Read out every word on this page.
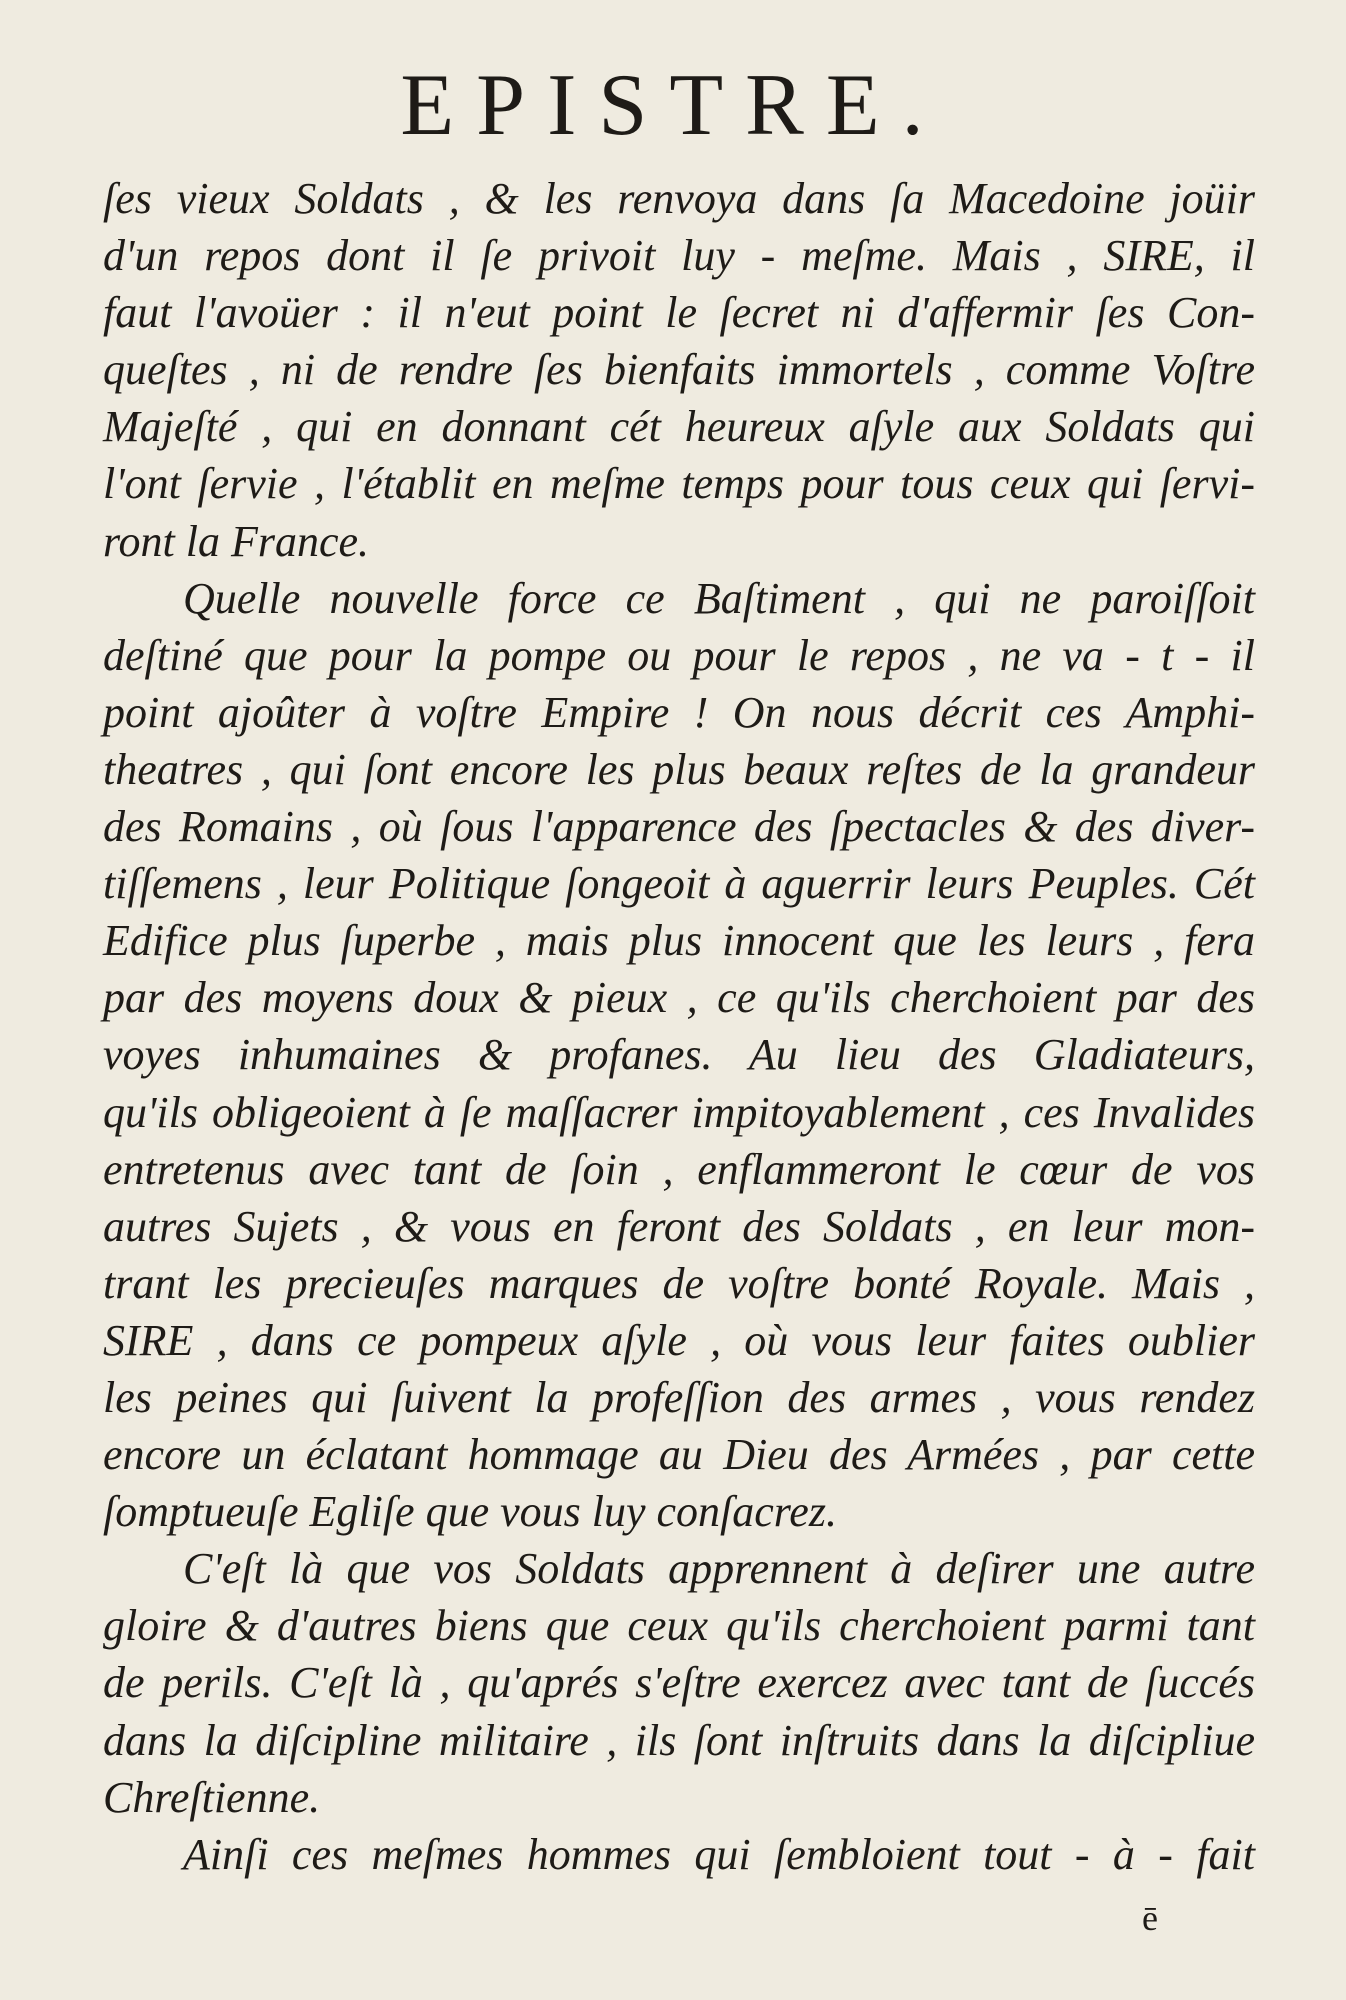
EPISTRE.
ſes vieux Soldats , & les renvoya dans ſa Macedoine joüir
d'un repos dont il ſe privoit luy - meſme. Mais , SIRE, il
faut l'avoüer : il n'eut point le ſecret ni d'affermir ſes Con-
queſtes , ni de rendre ſes bienfaits immortels , comme Voſtre
Majeſté , qui en donnant cét heureux aſyle aux Soldats qui
l'ont ſervie , l'établit en meſme temps pour tous ceux qui ſervi-
ront la France.
Quelle nouvelle force ce Baſtiment , qui ne paroiſſoit
deſtiné que pour la pompe ou pour le repos , ne va - t - il
point ajoûter à voſtre Empire ! On nous décrit ces Amphi-
theatres , qui ſont encore les plus beaux reſtes de la grandeur
des Romains , où ſous l'apparence des ſpectacles & des diver-
tiſſemens , leur Politique ſongeoit à aguerrir leurs Peuples. Cét
Edifice plus ſuperbe , mais plus innocent que les leurs , fera
par des moyens doux & pieux , ce qu'ils cherchoient par des
voyes inhumaines & profanes. Au lieu des Gladiateurs,
qu'ils obligeoient à ſe maſſacrer impitoyablement , ces Invalides
entretenus avec tant de ſoin , enflammeront le cœur de vos
autres Sujets , & vous en feront des Soldats , en leur mon-
trant les precieuſes marques de voſtre bonté Royale. Mais ,
SIRE , dans ce pompeux aſyle , où vous leur faites oublier
les peines qui ſuivent la profeſſion des armes , vous rendez
encore un éclatant hommage au Dieu des Armées , par cette
ſomptueuſe Egliſe que vous luy conſacrez.
C'eſt là que vos Soldats apprennent à deſirer une autre
gloire & d'autres biens que ceux qu'ils cherchoient parmi tant
de perils. C'eſt là , qu'aprés s'eſtre exercez avec tant de ſuccés
dans la diſcipline militaire , ils ſont inſtruits dans la diſcipliue
Chreſtienne.
Ainſi ces meſmes hommes qui ſembloient tout - à - fait
ē
